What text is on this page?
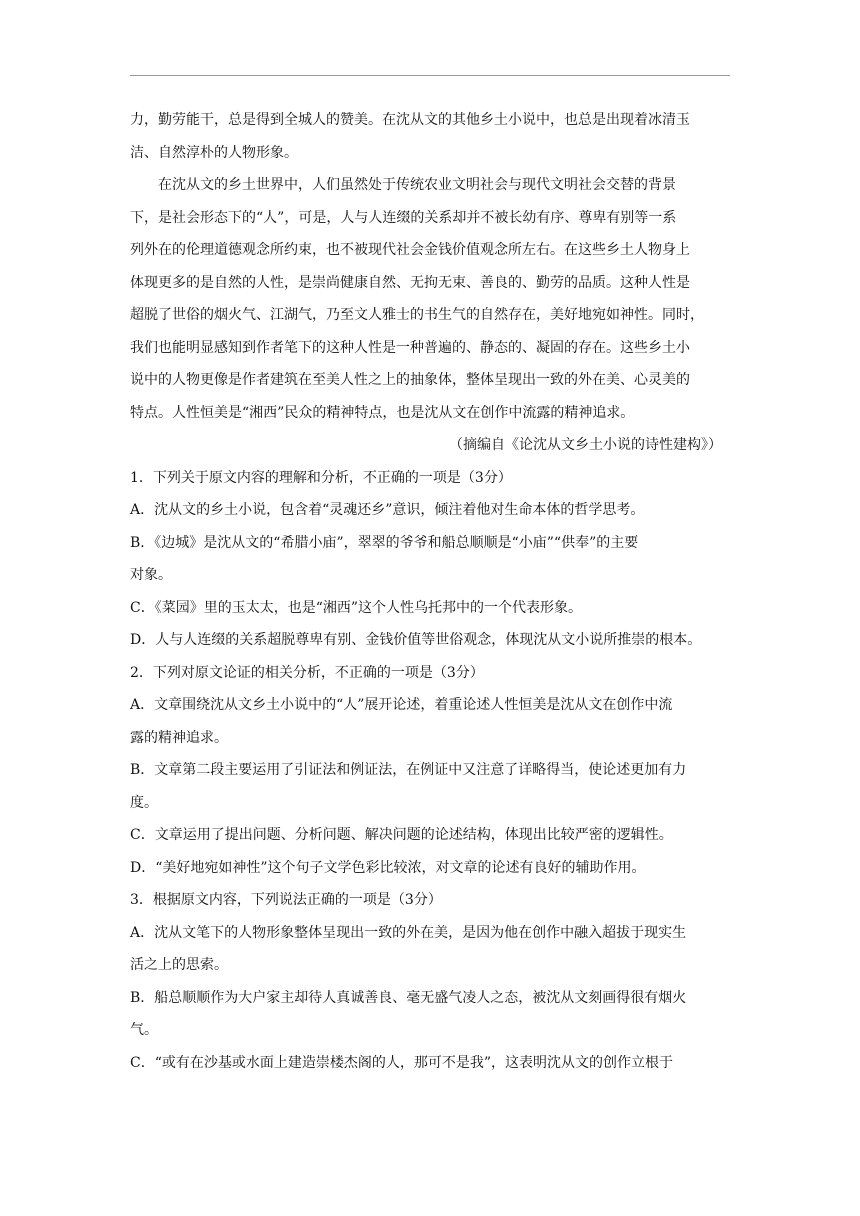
力，勤劳能干，总是得到全城人的赞美。在沈从文的其他乡土小说中，也总是出现着冰清玉
洁、自然淳朴的人物形象。
在沈从文的乡土世界中，人们虽然处于传统农业文明社会与现代文明社会交替的背景
下，是社会形态下的“人”，可是，人与人连缀的关系却并不被长幼有序、尊卑有别等一系
列外在的伦理道德观念所约束，也不被现代社会金钱价值观念所左右。在这些乡土人物身上
体现更多的是自然的人性，是崇尚健康自然、无拘无束、善良的、勤劳的品质。这种人性是
超脱了世俗的烟火气、江湖气，乃至文人雅士的书生气的自然存在，美好地宛如神性。同时，
我们也能明显感知到作者笔下的这种人性是一种普遍的、静态的、凝固的存在。这些乡土小
说中的人物更像是作者建筑在至美人性之上的抽象体，整体呈现出一致的外在美、心灵美的
特点。人性恒美是“湘西”民众的精神特点，也是沈从文在创作中流露的精神追求。
（摘编自《论沈从文乡土小说的诗性建构》）
1．下列关于原文内容的理解和分析，不正确的一项是（3分）
A．沈从文的乡土小说，包含着“灵魂还乡”意识，倾注着他对生命本体的哲学思考。
B．《边城》是沈从文的“希腊小庙”，翠翠的爷爷和船总顺顺是“小庙”“供奉”的主要
对象。
C．《菜园》里的玉太太，也是“湘西”这个人性乌托邦中的一个代表形象。
D．人与人连缀的关系超脱尊卑有别、金钱价值等世俗观念，体现沈从文小说所推崇的根本。
2．下列对原文论证的相关分析，不正确的一项是（3分）
A．文章围绕沈从文乡土小说中的“人”展开论述，着重论述人性恒美是沈从文在创作中流
露的精神追求。
B．文章第二段主要运用了引证法和例证法，在例证中又注意了详略得当，使论述更加有力
度。
C．文章运用了提出问题、分析问题、解决问题的论述结构，体现出比较严密的逻辑性。
D．“美好地宛如神性”这个句子文学色彩比较浓，对文章的论述有良好的辅助作用。
3．根据原文内容，下列说法正确的一项是（3分）
A．沈从文笔下的人物形象整体呈现出一致的外在美，是因为他在创作中融入超拔于现实生
活之上的思索。
B．船总顺顺作为大户家主却待人真诚善良、毫无盛气凌人之态，被沈从文刻画得很有烟火
气。
C．“或有在沙基或水面上建造崇楼杰阁的人，那可不是我”，这表明沈从文的创作立根于
